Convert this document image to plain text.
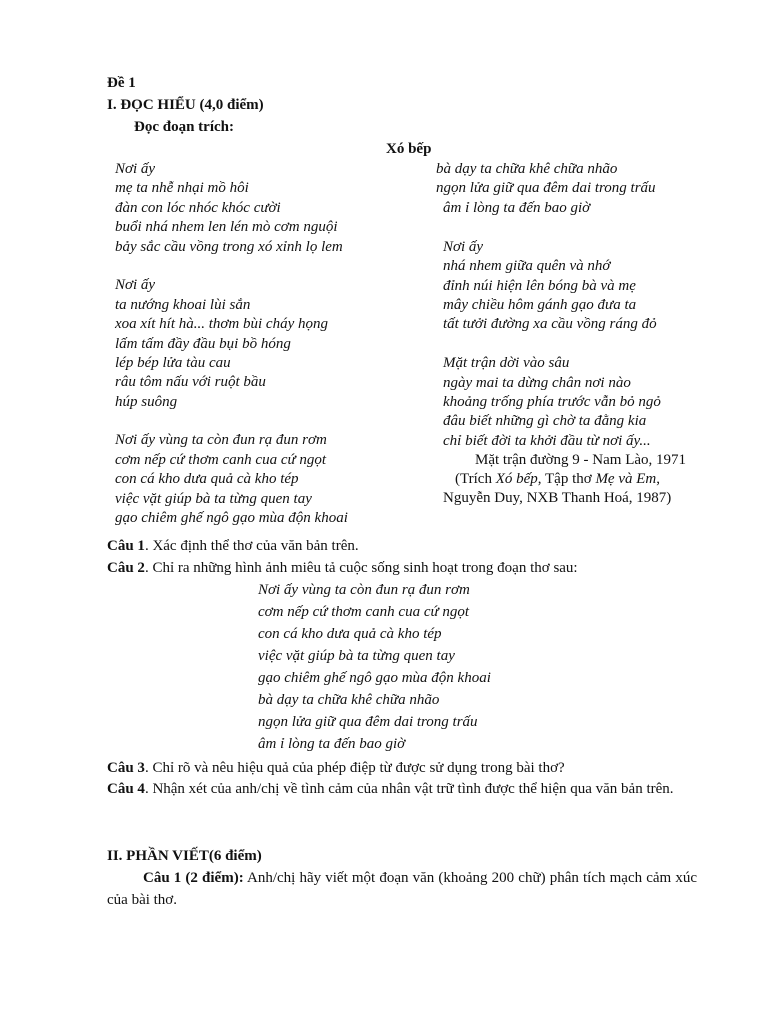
Đề 1
I. ĐỌC HIỂU (4,0 điểm)
Đọc đoạn trích:
Xó bếp
Nơi ấy
mẹ ta nhễ nhại mồ hôi
đàn con lóc nhóc khóc cười
buổi nhá nhem len lén mò cơm nguội
bảy sắc cầu vồng trong xó xỉnh lọ lem
Nơi ấy
ta nướng khoai lùi sắn
xoa xít hít hà... thơm bùi cháy họng
lấm tấm đầy đầu bụi bồ hóng
lép bép lửa tàu cau
râu tôm nấu với ruột bầu
húp suông
Nơi ấy vùng ta còn đun rạ đun rơm
cơm nếp cứ thơm canh cua cứ ngọt
con cá kho dưa quả cà kho tép
việc vặt giúp bà ta từng quen tay
gạo chiêm ghế ngô gạo mùa độn khoai
bà dạy ta chữa khê chữa nhão
ngọn lửa giữ qua đêm dai trong trấu
âm ỉ lòng ta đến bao giờ
Nơi ấy
nhá nhem giữa quên và nhớ
đỉnh núi hiện lên bóng bà và mẹ
mây chiều hôm gánh gạo đưa ta
tất tưởi đường xa cầu vồng ráng đỏ
Mặt trận dời vào sâu
ngày mai ta dừng chân nơi nào
khoảng trống phía trước vẫn bỏ ngỏ
đâu biết những gì chờ ta đằng kia
chỉ biết đời ta khởi đầu từ nơi ấy...
Mặt trận đường 9 - Nam Lào, 1971
(Trích Xó bếp, Tập thơ Mẹ và Em,
Nguyễn Duy, NXB Thanh Hoá, 1987)
Câu 1. Xác định thể thơ của văn bản trên.
Câu 2. Chỉ ra những hình ảnh miêu tả cuộc sống sinh hoạt trong đoạn thơ sau:
Nơi ấy vùng ta còn đun rạ đun rơm
cơm nếp cứ thơm canh cua cứ ngọt
con cá kho dưa quả cà kho tép
việc vặt giúp bà ta từng quen tay
gạo chiêm ghế ngô gạo mùa độn khoai
bà dạy ta chữa khê chữa nhão
ngọn lửa giữ qua đêm dai trong trấu
âm ỉ lòng ta đến bao giờ
Câu 3. Chỉ rõ và nêu hiệu quả của phép điệp từ được sử dụng trong bài thơ?
Câu 4. Nhận xét của anh/chị về tình cảm của nhân vật trữ tình được thể hiện qua văn bản trên.
II. PHẦN VIẾT(6 điểm)
Câu 1 (2 điểm): Anh/chị hãy viết một đoạn văn (khoảng 200 chữ) phân tích mạch cảm xúc của bài thơ.
